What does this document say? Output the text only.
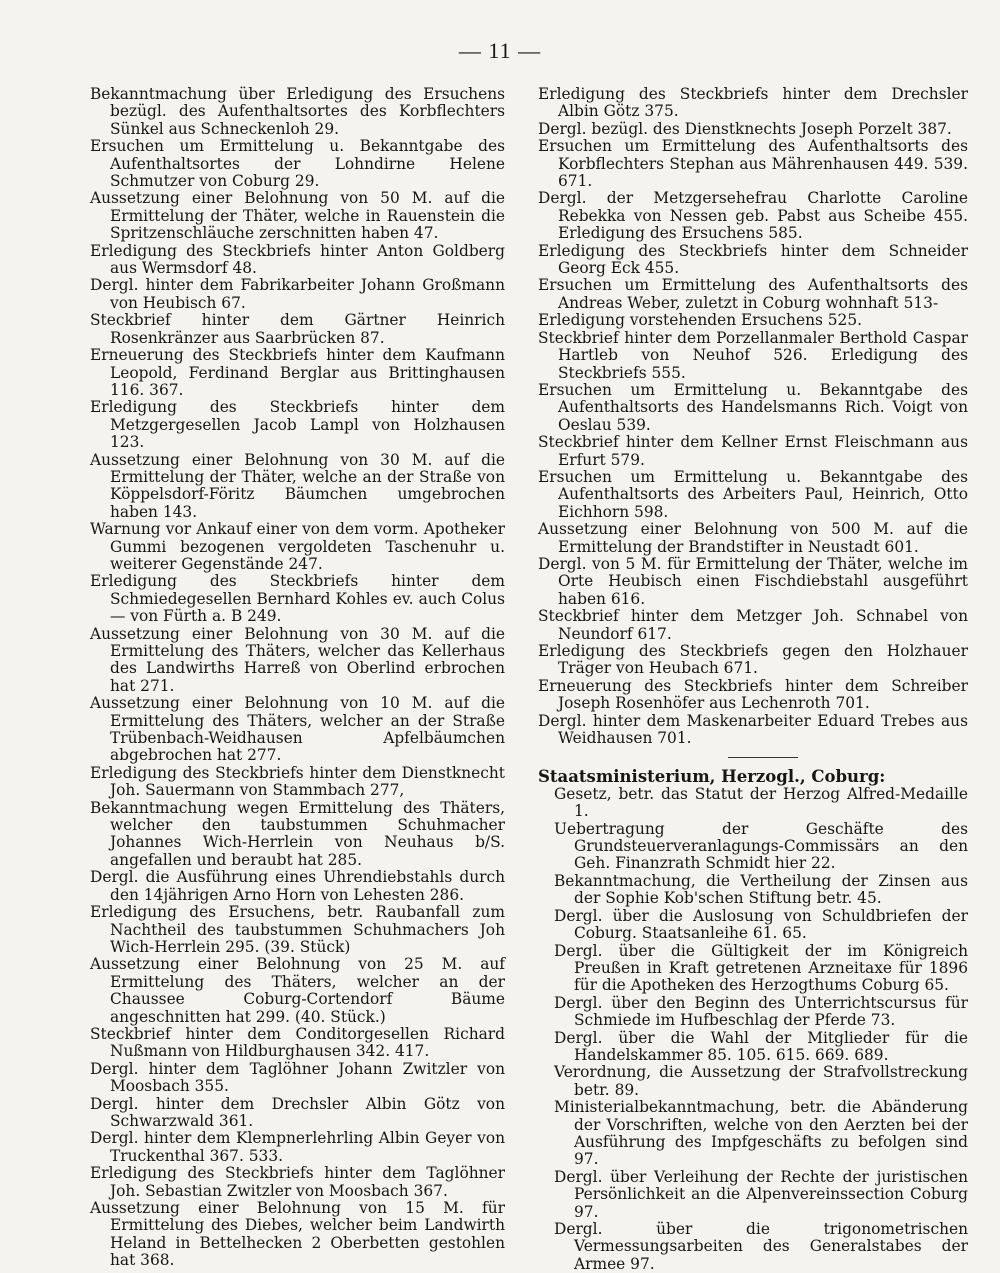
— 11 —

Bekanntmachung über Erledigung des Ersuchens bezügl. des Aufenthaltsortes des Korbflechters Sünkel aus Schneckenloh 29.

Ersuchen um Ermittelung u. Bekanntgabe des Aufenthaltsortes der Lohndirne Helene Schmutzer von Coburg 29.

Aussetzung einer Belohnung von 50 M. auf die Ermittelung der Thäter, welche in Rauenstein die Spritzenschläuche zerschnitten haben 47.

Erledigung des Steckbriefs hinter Anton Goldberg aus Wermsdorf 48.

Dergl. hinter dem Fabrikarbeiter Johann Großmann von Heubisch 67.

Steckbrief hinter dem Gärtner Heinrich Rosenkränzer aus Saarbrücken 87.

Erneuerung des Steckbriefs hinter dem Kaufmann Leopold, Ferdinand Berglar aus Brittinghausen 116. 367.

Erledigung des Steckbriefs hinter dem Metzgergesellen Jacob Lampl von Holzhausen 123.

Aussetzung einer Belohnung von 30 M. auf die Ermittelung der Thäter, welche an der Straße von Köppelsdorf-Föritz Bäumchen umgebrochen haben 143.

Warnung vor Ankauf einer von dem vorm. Apotheker Gummi bezogenen vergoldeten Taschenuhr u. weiterer Gegenstände 247.

Erledigung des Steckbriefs hinter dem Schmiedegesellen Bernhard Kohles ev. auch Colus — von Fürth a. B 249.

Aussetzung einer Belohnung von 30 M. auf die Ermittelung des Thäters, welcher das Kellerhaus des Landwirths Harreß von Oberlind erbrochen hat 271.

Aussetzung einer Belohnung von 10 M. auf die Ermittelung des Thäters, welcher an der Straße Trübenbach-Weidhausen Apfelbäumchen abgebrochen hat 277.

Erledigung des Steckbriefs hinter dem Dienstknecht Joh. Sauermann von Stammbach 277,

Bekanntmachung wegen Ermittelung des Thäters, welcher den taubstummen Schuhmacher Johannes Wich-Herrlein von Neuhaus b/S. angefallen und beraubt hat 285.

Dergl. die Ausführung eines Uhrendiebstahls durch den 14jährigen Arno Horn von Lehesten 286.

Erledigung des Ersuchens, betr. Raubanfall zum Nachtheil des taubstummen Schuhmachers Joh Wich-Herrlein 295. (39. Stück)

Aussetzung einer Belohnung von 25 M. auf Ermittelung des Thäters, welcher an der Chaussee Coburg-Cortendorf Bäume angeschnitten hat 299. (40. Stück.)

Steckbrief hinter dem Conditorgesellen Richard Nußmann von Hildburghausen 342. 417.

Dergl. hinter dem Taglöhner Johann Zwitzler von Moosbach 355.

Dergl. hinter dem Drechsler Albin Götz von Schwarzwald 361.

Dergl. hinter dem Klempnerlehrling Albin Geyer von Truckenthal 367. 533.

Erledigung des Steckbriefs hinter dem Taglöhner Joh. Sebastian Zwitzler von Moosbach 367.

Aussetzung einer Belohnung von 15 M. für Ermittelung des Diebes, welcher beim Landwirth Heland in Bettelhecken 2 Oberbetten gestohlen hat 368.

Erledigung des Steckbriefs hinter dem Drechsler Albin Götz 375.

Dergl. bezügl. des Dienstknechts Joseph Porzelt 387.

Ersuchen um Ermittelung des Aufenthaltsorts des Korbflechters Stephan aus Mährenhausen 449. 539. 671.

Dergl. der Metzgersehefrau Charlotte Caroline Rebekka von Nessen geb. Pabst aus Scheibe 455. Erledigung des Ersuchens 585.

Erledigung des Steckbriefs hinter dem Schneider Georg Eck 455.

Ersuchen um Ermittelung des Aufenthaltsorts des Andreas Weber, zuletzt in Coburg wohnhaft 513-

Erledigung vorstehenden Ersuchens 525.

Steckbrief hinter dem Porzellanmaler Berthold Caspar Hartleb von Neuhof 526. Erledigung des Steckbriefs 555.

Ersuchen um Ermittelung u. Bekanntgabe des Aufenthaltsorts des Handelsmanns Rich. Voigt von Oeslau 539.

Steckbrief hinter dem Kellner Ernst Fleischmann aus Erfurt 579.

Ersuchen um Ermittelung u. Bekanntgabe des Aufenthaltsorts des Arbeiters Paul, Heinrich, Otto Eichhorn 598.

Aussetzung einer Belohnung von 500 M. auf die Ermittelung der Brandstifter in Neustadt 601.

Dergl. von 5 M. für Ermittelung der Thäter, welche im Orte Heubisch einen Fischdiebstahl ausgeführt haben 616.

Steckbrief hinter dem Metzger Joh. Schnabel von Neundorf 617.

Erledigung des Steckbriefs gegen den Holzhauer Träger von Heubach 671.

Erneuerung des Steckbriefs hinter dem Schreiber Joseph Rosenhöfer aus Lechenroth 701.

Dergl. hinter dem Maskenarbeiter Eduard Trebes aus Weidhausen 701.

Staatsministerium, Herzogl., Coburg:

Gesetz, betr. das Statut der Herzog Alfred-Medaille 1.

Uebertragung der Geschäfte des Grundsteuerveranlagungs-Commissärs an den Geh. Finanzrath Schmidt hier 22.

Bekanntmachung, die Vertheilung der Zinsen aus der Sophie Kob'schen Stiftung betr. 45.

Dergl. über die Auslosung von Schuldbriefen der Coburg. Staatsanleihe 61. 65.

Dergl. über die Gültigkeit der im Königreich Preußen in Kraft getretenen Arzneitaxe für 1896 für die Apotheken des Herzogthums Coburg 65.

Dergl. über den Beginn des Unterrichtscursus für Schmiede im Hufbeschlag der Pferde 73.

Dergl. über die Wahl der Mitglieder für die Handelskammer 85. 105. 615. 669. 689.

Verordnung, die Aussetzung der Strafvollstreckung betr. 89.

Ministerialbekanntmachung, betr. die Abänderung der Vorschriften, welche von den Aerzten bei der Ausführung des Impfgeschäfts zu befolgen sind 97.

Dergl. über Verleihung der Rechte der juristischen Persönlichkeit an die Alpenvereinssection Coburg 97.

Dergl. über die trigonometrischen Vermessungsarbeiten des Generalstabes der Armee 97.
